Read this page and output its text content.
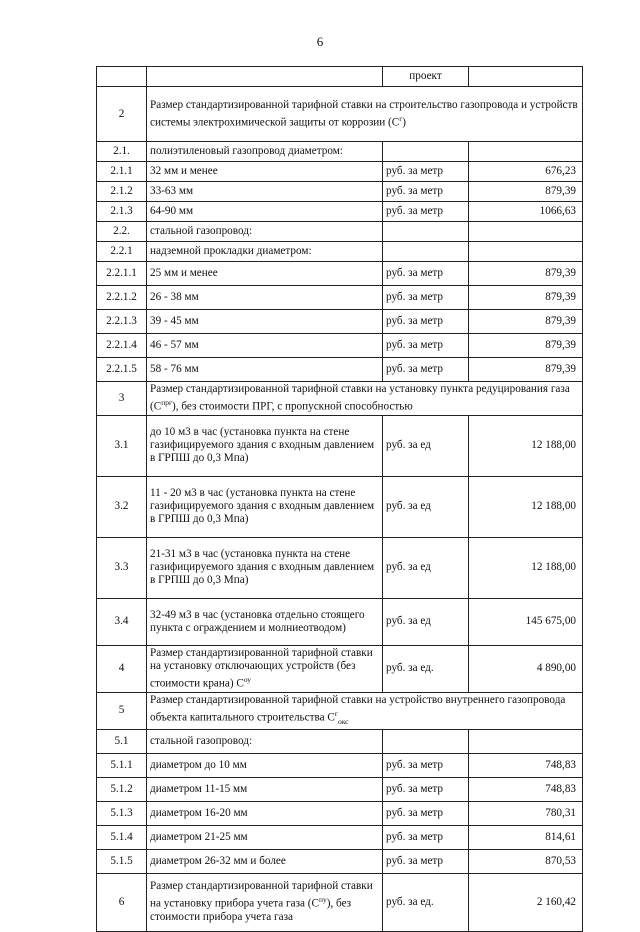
6
		проект	
2	Размер стандартизированной тарифной ставки на строительство газопровода и устройств системы электрохимической защиты от коррозии $(С^г)$		
2.1.	полиэтиленовый газопровод диаметром:		
2.1.1	32 мм и менее	руб. за метр	676,23
2.1.2	33-63 мм	руб. за метр	879,39
2.1.3	64-90 мм	руб. за метр	1066,63
2.2.	стальной газопровод:		
2.2.1	надземной прокладки диаметром:		
2.2.1.1	25 мм и менее	руб. за метр	879,39
2.2.1.2	26 - 38 мм	руб. за метр	879,39
2.2.1.3	39 - 45 мм	руб. за метр	879,39
2.2.1.4	46 - 57 мм	руб. за метр	879,39
2.2.1.5	58 - 76 мм	руб. за метр	879,39
3	Размер стандартизированной тарифной ставки на установку пункта редуцирования газа $(С^{прг})$, без стоимости ПРГ, с пропускной способностью		
3.1	до 10 м3 в час (установка пункта на стене газифицируемого здания с входным давлением в ГРПШ до 0,3 Мпа)	руб. за ед	12 188,00
3.2	11 - 20 м3 в час (установка пункта на стене газифицируемого здания с входным давлением в ГРПШ до 0,3 Мпа)	руб. за ед	12 188,00
3.3	21-31 м3 в час (установка пункта на стене газифицируемого здания с входным давлением в ГРПШ до 0,3 Мпа)	руб. за ед	12 188,00
3.4	32-49 м3 в час (установка отдельно стоящего пункта с ограждением и молниеотводом)	руб. за ед	145 675,00
4	Размер стандартизированной тарифной ставки на установку отключающих устройств (без стоимости крана) $С^{оу}$	руб. за ед.	4 890,00
5	Размер стандартизированной тарифной ставки на устройство внутреннего газопровода объекта капитального строительства $С^г_{окс}$
5.1	стальной газопровод:		
5.1.1	диаметром до 10 мм	руб. за метр	748,83
5.1.2	диаметром 11-15 мм	руб. за метр	748,83
5.1.3	диаметром 16-20 мм	руб. за метр	780,31
5.1.4	диаметром 21-25 мм	руб. за метр	814,61
5.1.5	диаметром 26-32 мм и более	руб. за метр	870,53
6	Размер стандартизированной тарифной ставки на установку прибора учета газа $(С^{пу})$, без стоимости прибора учета газа	руб. за ед.	2 160,42
